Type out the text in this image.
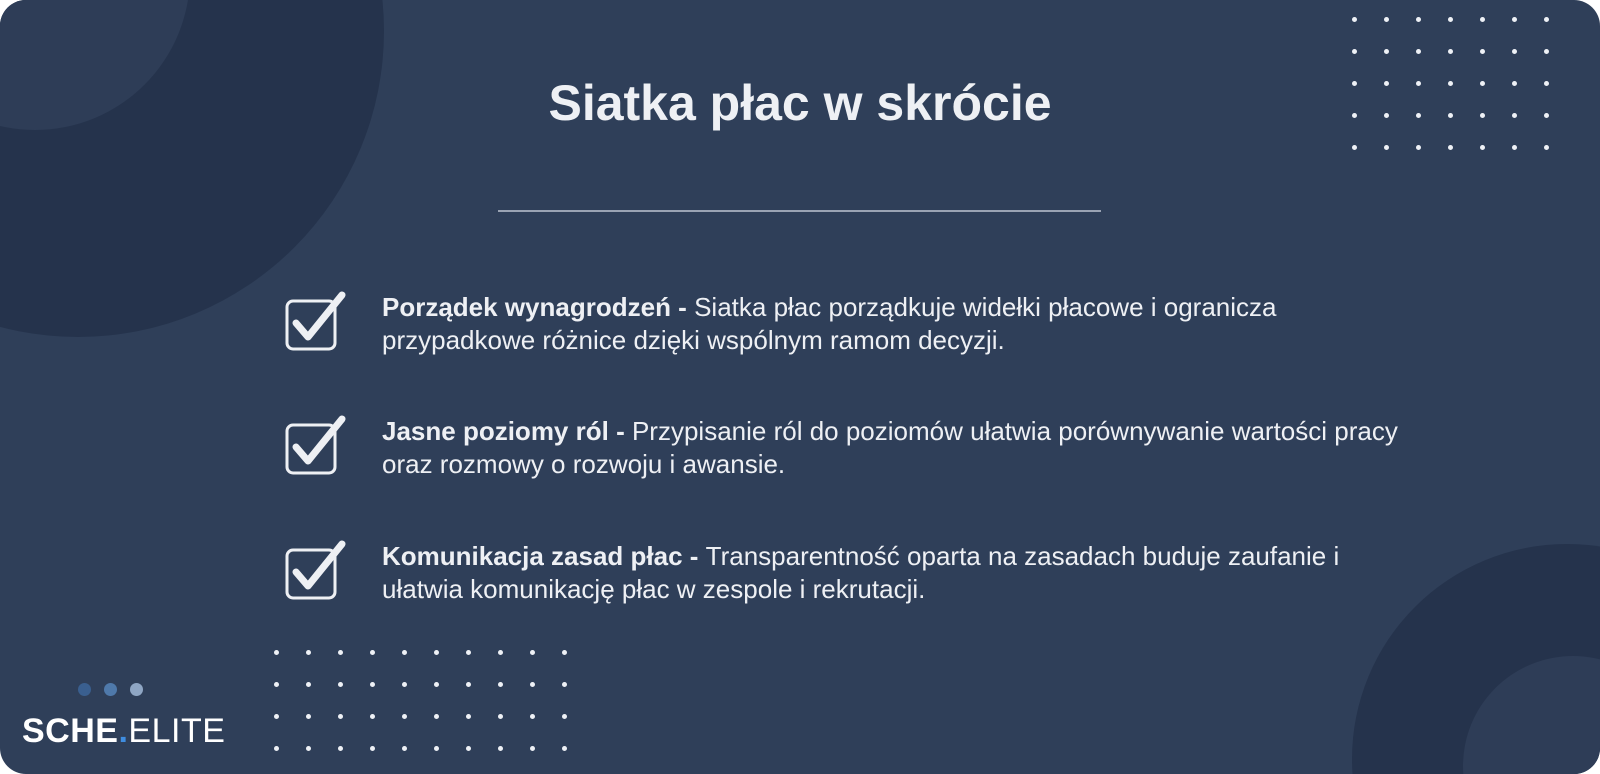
Siatka płac w skrócie

Porządek wynagrodzeń - Siatka płac porządkuje widełki płacowe i ogranicza przypadkowe różnice dzięki wspólnym ramom decyzji.

Jasne poziomy ról - Przypisanie ról do poziomów ułatwia porównywanie wartości pracy oraz rozmowy o rozwoju i awansie.

Komunikacja zasad płac - Transparentność oparta na zasadach buduje zaufanie i ułatwia komunikację płac w zespole i rekrutacji.

SCHE.ELITE
